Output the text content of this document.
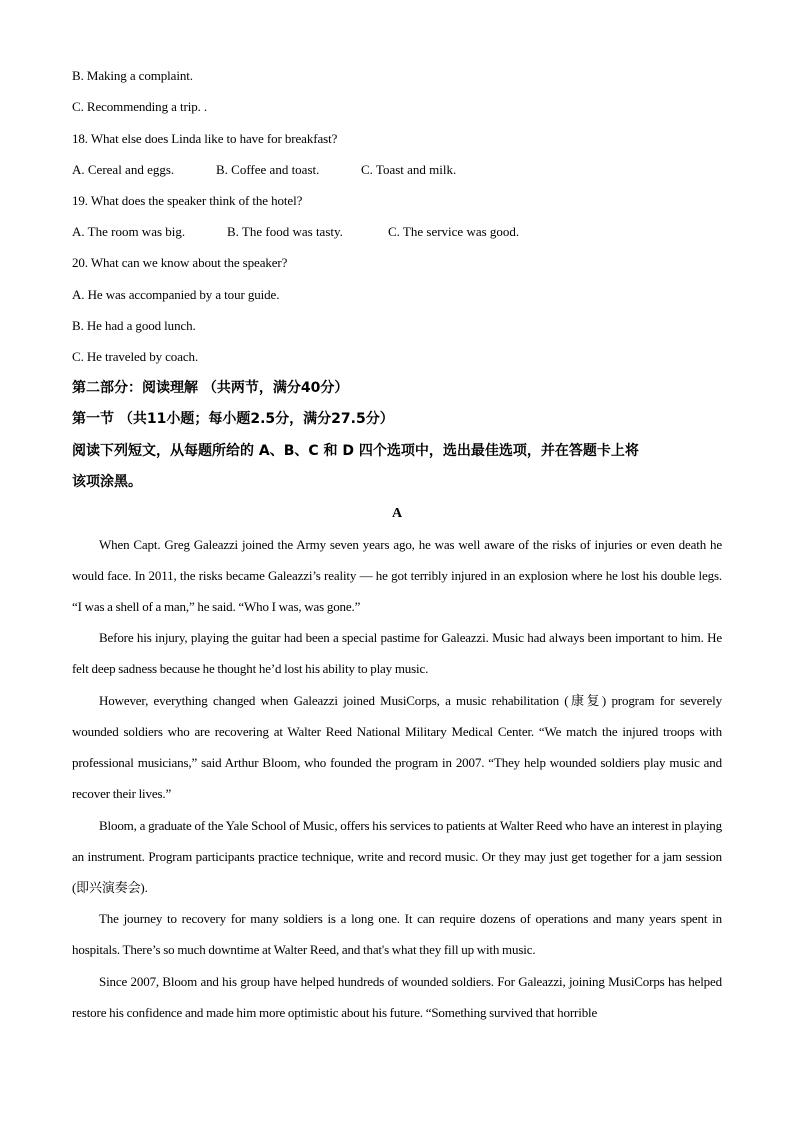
B. Making a complaint.
C. Recommending a trip. .
18. What else does Linda like to have for breakfast?
A. Cereal and eggs.	B. Coffee and toast.	C. Toast and milk.
19. What does the speaker think of the hotel?
A. The room was big.	B. The food was tasty.	C. The service was good.
20. What can we know about the speaker?
A. He was accompanied by a tour guide.
B. He had a good lunch.
C. He traveled by coach.
第二部分：阅读理解 （共两节，满分40分）
第一节 （共11小题；每小题2.5分，满分27.5分）
阅读下列短文，从每题所给的 A、B、C 和 D 四个选项中，选出最佳选项，并在答题卡上将
该项涂黑。
A

When Capt. Greg Galeazzi joined the Army seven years ago, he was well aware of the risks of injuries or even death he would face. In 2011, the risks became Galeazzi’s reality — he got terribly injured in an explosion where he lost his double legs. “I was a shell of a man,” he said. “Who I was, was gone.”

Before his injury, playing the guitar had been a special pastime for Galeazzi. Music had always been important to him. He felt deep sadness because he thought he’d lost his ability to play music.

However, everything changed when Galeazzi joined MusiCorps, a music rehabilitation (康复) program for severely wounded soldiers who are recovering at Walter Reed National Military Medical Center. “We match the injured troops with professional musicians,” said Arthur Bloom, who founded the program in 2007. “They help wounded soldiers play music and recover their lives.”

Bloom, a graduate of the Yale School of Music, offers his services to patients at Walter Reed who have an interest in playing an instrument. Program participants practice technique, write and record music. Or they may just get together for a jam session (即兴演奏会).

The journey to recovery for many soldiers is a long one. It can require dozens of operations and many years spent in hospitals. There’s so much downtime at Walter Reed, and that's what they fill up with music.

Since 2007, Bloom and his group have helped hundreds of wounded soldiers. For Galeazzi, joining MusiCorps has helped restore his confidence and made him more optimistic about his future. “Something survived that horrible
